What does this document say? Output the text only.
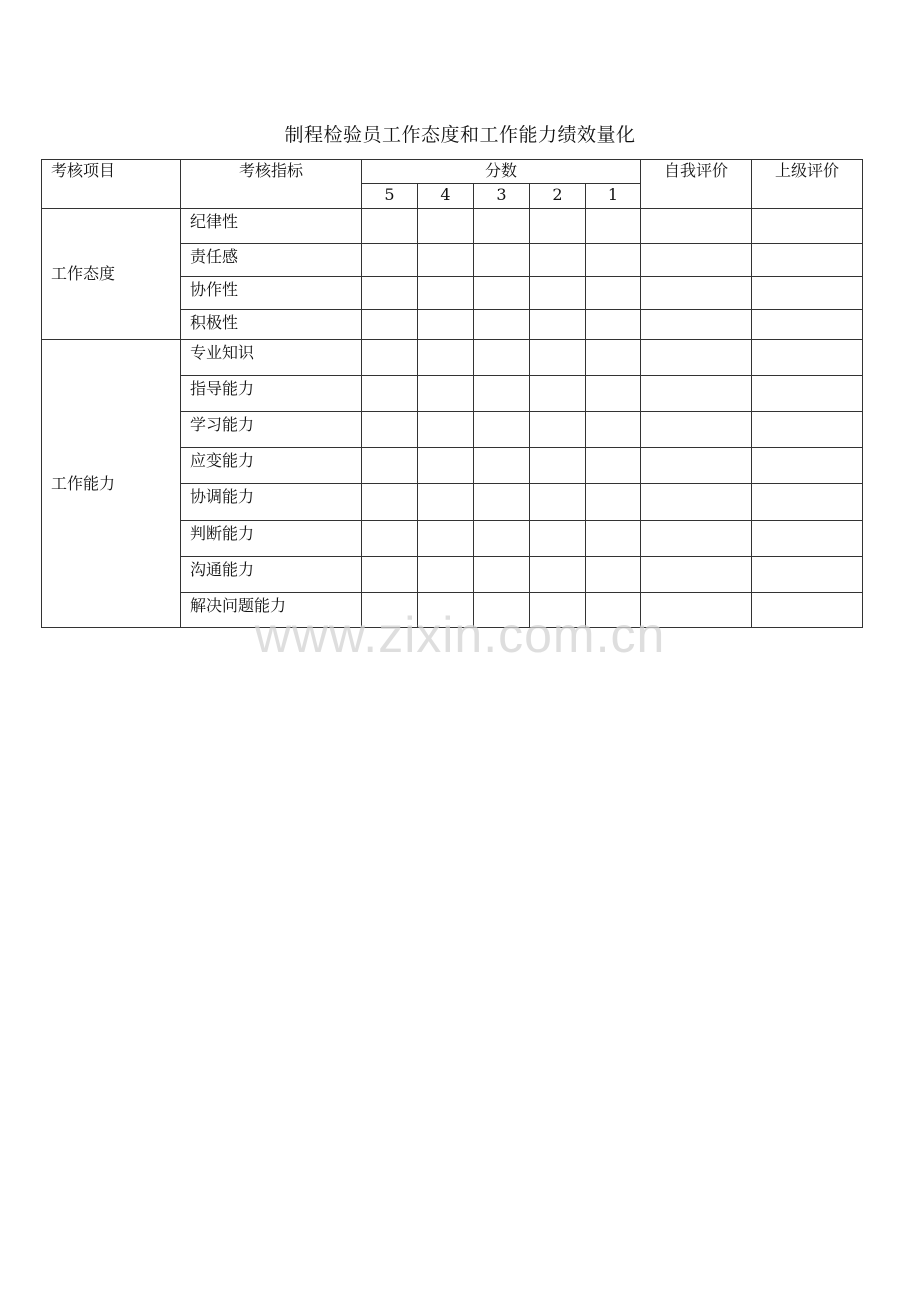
制程检验员工作态度和工作能力绩效量化
考核项目	考核指标	分数					自我评价	上级评价
		5	4	3	2	1		
工作态度	纪律性							
	责任感							
	协作性							
	积极性							
工作能力	专业知识							
	指导能力							
	学习能力							
	应变能力							
	协调能力							
	判断能力							
	沟通能力							
	解决问题能力							
www.zixin.com.cn
